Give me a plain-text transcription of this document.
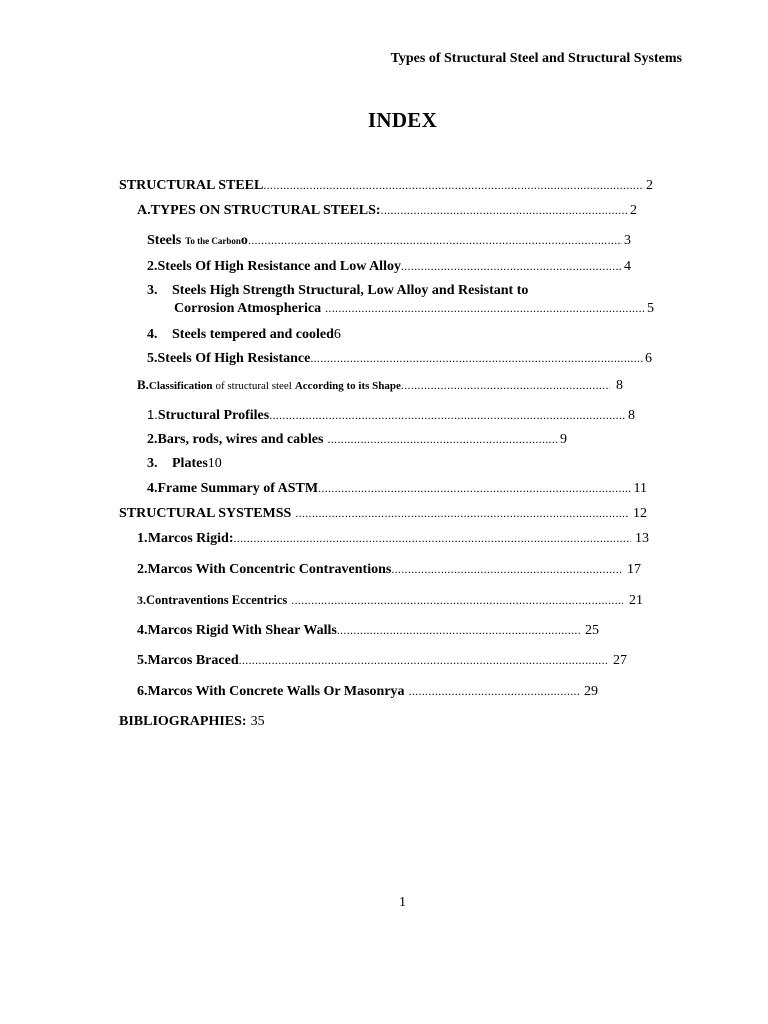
Types of Structural Steel and Structural Systems
INDEX
STRUCTURAL STEEL .....	2
A. TYPES ON STRUCTURAL STEELS: .....	2
Steels To the Carbon o .....	3
2. Steels Of High Resistance and Low Alloy .....	4
3.	Steels High Strength Structural, Low Alloy and Resistant to
Corrosion Atmospherica .....	5
4.	Steels tempered and cooled 6
5. Steels Of High Resistance .....	6
B. Classification of structural steel According to its Shape .....	8
1. Structural Profiles .....	8
2. Bars, rods, wires and cables .....	9
3.	Plates 10
4. Frame Summary of ASTM .....	11
STRUCTURAL SYSTEMSS .....	12
1. Marcos Rigid: .....	13
2. Marcos With Concentric Contraventions .....	17
3. Contraventions Eccentrics .....	21
4. Marcos Rigid With Shear Walls .....	25
5. Marcos Braced .....	27
6. Marcos With Concrete Walls Or Masonrya .....	29
BIBLIOGRAPHIES: 35
1
